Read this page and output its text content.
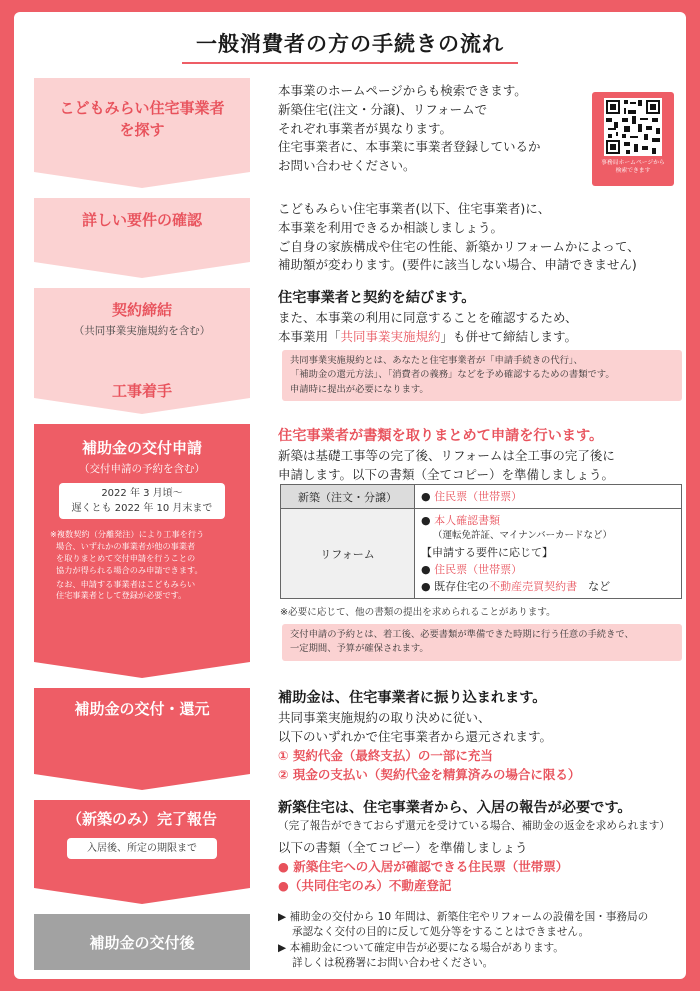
一般消費者の方の手続きの流れ
こどもみらい住宅事業者
を探す
詳しい要件の確認
契約締結
（共同事業実施規約を含む）
工事着手
補助金の交付申請
（交付申請の予約を含む）
2022 年 3 月頃〜
遅くとも 2022 年 10 月末まで
※複数契約（分離発注）により工事を行う
場合、いずれかの事業者が他の事業者
を取りまとめて交付申請を行うことの
協力が得られる場合のみ申請できます。
なお、申請する事業者はこどもみらい
住宅事業者として登録が必要です。
補助金の交付・還元
（新築のみ）完了報告
入居後、所定の期限まで
補助金の交付後

本事業のホームページからも検索できます。

新築住宅(注文・分譲)、リフォームで

それぞれ事業者が異なります。

住宅事業者に、本事業に事業者登録しているか

お問い合わせください。	事務局ホームページから
検索できます

こどもみらい住宅事業者(以下、住宅事業者)に、

本事業を利用できるか相談しましょう。

ご自身の家族構成や住宅の性能、新築かリフォームかによって、

補助額が変わります。(要件に該当しない場合、申請できません)

住宅事業者と契約を結びます。

また、本事業の利用に同意することを確認するため、

本事業用「共同事業実施規約」も併せて締結します。

共同事業実施規約とは、あなたと住宅事業者が「申請手続きの代行」、

「補助金の還元方法」、「消費者の義務」などを予め確認するための書類です。

申請時に提出が必要になります。

住宅事業者が書類を取りまとめて申請を行います。

新築は基礎工事等の完了後、リフォームは全工事の完了後に

申請します。以下の書類（全てコピー）を準備しましょう。

新築（注文・分譲）	● 住民票（世帯票）
リフォーム	● 本人確認書類
（運転免許証、マイナンバーカードなど）
【申請する要件に応じて】
● 住民票（世帯票）
● 既存住宅の不動産売買契約書　など
※必要に応じて、他の書類の提出を求められることがあります。

交付申請の予約とは、着工後、必要書類が準備できた時期に行う任意の手続きで、

一定期間、予算が確保されます。

補助金は、住宅事業者に振り込まれます。

共同事業実施規約の取り決めに従い、

以下のいずれかで住宅事業者から還元されます。

① 契約代金（最終支払）の一部に充当

② 現金の支払い（契約代金を精算済みの場合に限る）

新築住宅は、住宅事業者から、入居の報告が必要です。

（完了報告ができておらず還元を受けている場合、補助金の返金を求められます）

以下の書類（全てコピー）を準備しましょう

● 新築住宅への入居が確認できる住民票（世帯票）

●（共同住宅のみ）不動産登記

▶ 補助金の交付から 10 年間は、新築住宅やリフォームの設備を国・事務局の

承認なく交付の目的に反して処分等をすることはできません。

▶ 本補助金について確定申告が必要になる場合があります。

詳しくは税務署にお問い合わせください。
